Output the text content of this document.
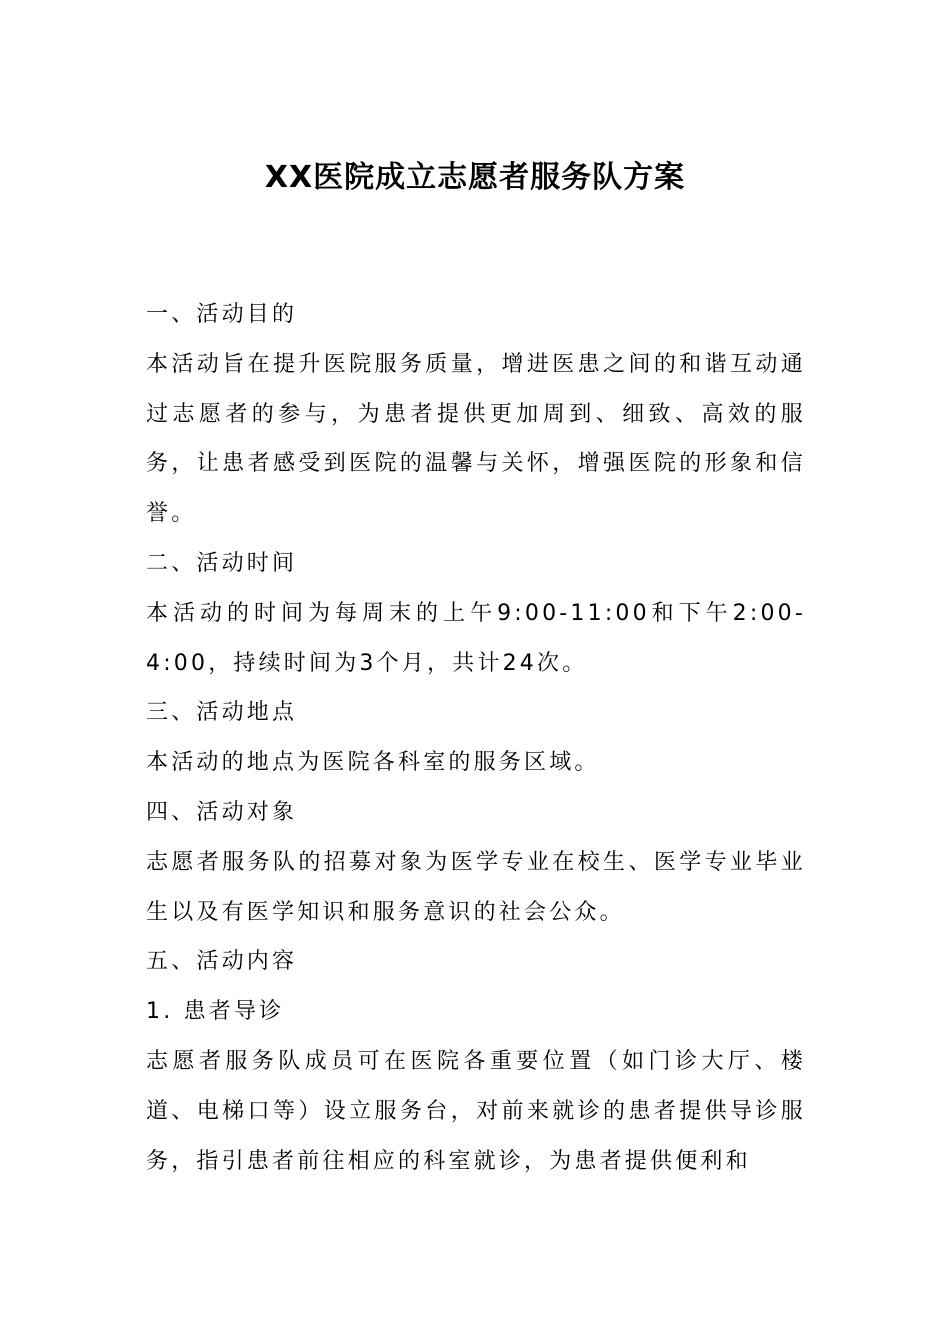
XX医院成立志愿者服务队方案

一、活动目的

本活动旨在提升医院服务质量，增进医患之间的和谐互动通过志愿者的参与，为患者提供更加周到、细致、高效的服务，让患者感受到医院的温馨与关怀，增强医院的形象和信誉。

二、活动时间

本活动的时间为每周末的上午9:00-11:00和下午2:00-4:00，持续时间为3个月，共计24次。

三、活动地点

本活动的地点为医院各科室的服务区域。

四、活动对象

志愿者服务队的招募对象为医学专业在校生、医学专业毕业生以及有医学知识和服务意识的社会公众。

五、活动内容

1. 患者导诊

志愿者服务队成员可在医院各重要位置（如门诊大厅、楼道、电梯口等）设立服务台，对前来就诊的患者提供导诊服务，指引患者前往相应的科室就诊，为患者提供便利和
